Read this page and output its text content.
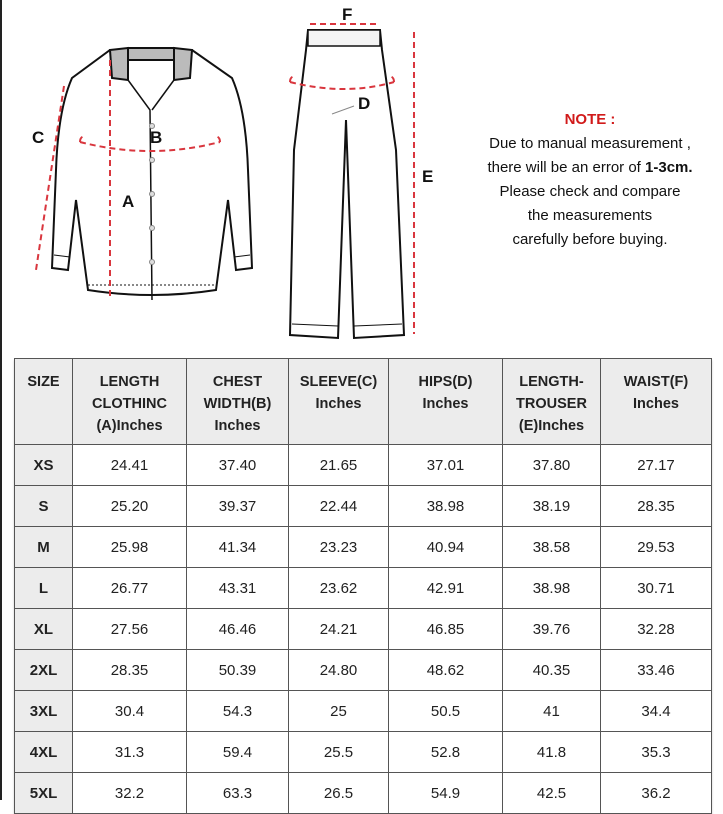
A
B
C
D
E
F
NOTE :
Due to manual measurement ,
there will be an error of 1-3cm.
Please check and compare
the measurements
carefully before buying.
SIZE	LENGTH
CLOTHINC
(A)Inches

CHEST
WIDTH(B)
Inches

SLEEVE(C)
Inches

HIPS(D)
Inches

LENGTH-
TROUSER
(E)Inches

WAIST(F)
Inches

XS	24.41	37.40	21.65	37.01	37.80	27.17
S	25.20	39.37	22.44	38.98	38.19	28.35
M	25.98	41.34	23.23	40.94	38.58	29.53
L	26.77	43.31	23.62	42.91	38.98	30.71
XL	27.56	46.46	24.21	46.85	39.76	32.28
2XL	28.35	50.39	24.80	48.62	40.35	33.46
3XL	30.4	54.3	25	50.5	41	34.4
4XL	31.3	59.4	25.5	52.8	41.8	35.3
5XL	32.2	63.3	26.5	54.9	42.5	36.2
